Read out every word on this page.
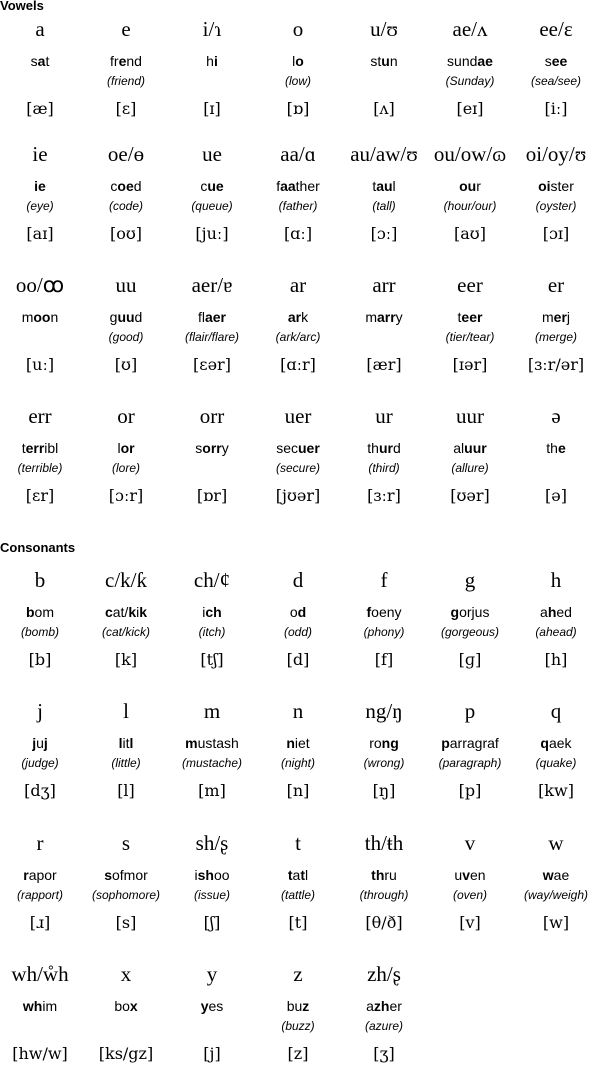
Vowels
a
sat
[æ]
e
frend
(friend)
[ɛ]
i/ɿ
hi
[ɪ]
o
lo
(low)
[ɒ]
u/ʊ
stun
[ʌ]
ae/ʌ
sundae
(Sunday)
[eɪ]
ee/ɛ
see
(sea/see)
[iː]
ie
ie
(eye)
[aɪ]
oe/ɵ
coed
(code)
[oʊ]
ue
cue
(queue)
[juː]
aa/ɑ
faather
(father)
[ɑː]
au/aw/ʊ
taul
(tall)
[ɔː]
ou/ow/ɷ
our
(hour/our)
[aʊ]
oi/oy/ʊ
oister
(oyster)
[ɔɪ]
oo/ꝏ
moon
[uː]
uu
guud
(good)
[ʊ]
aer/ɐ
flaer
(flair/flare)
[ɛər]
ar
ark
(ark/arc)
[ɑːr]
arr
marry
[ær]
eer
teer
(tier/tear)
[ɪər]
er
merj
(merge)
[ɜːr/ər]
err
terribl
(terrible)
[ɛr]
or
lor
(lore)
[ɔːr]
orr
sorry
[ɒr]
uer
secuer
(secure)
[jʊər]
ur
thurd
(third)
[ɜːr]
uur
aluur
(allure)
[ʊər]
ə
the
[ə]
Consonants
b
bom
(bomb)
[b]
c/k/ƙ
cat/kik
(cat/kick)
[k]
ch/ȼ
ich
(itch)
[tʃ]
d
od
(odd)
[d]
f
foeny
(phony)
[f]
g
gorjus
(gorgeous)
[ɡ]
h
ahed
(ahead)
[h]
j
juj
(judge)
[dʒ]
l
litl
(little)
[l]
m
mustash
(mustache)
[m]
n
niet
(night)
[n]
ng/ŋ
rong
(wrong)
[ŋ]
p
parragraf
(paragraph)
[p]
q
qaek
(quake)
[kw]
r
rapor
(rapport)
[ɹ]
s
sofmor
(sophomore)
[s]
sh/ʂ
ishoo
(issue)
[ʃ]
t
tatl
(tattle)
[t]
th/ŧh
thru
(through)
[θ/ð]
v
uven
(oven)
[v]
w
wae
(way/weigh)
[w]
wh/ẘh
whim
[hw/w]
x
box
[ks/gz]
y
yes
[j]
z
buz
(buzz)
[z]
zh/ʂ
azher
(azure)
[ʒ]
